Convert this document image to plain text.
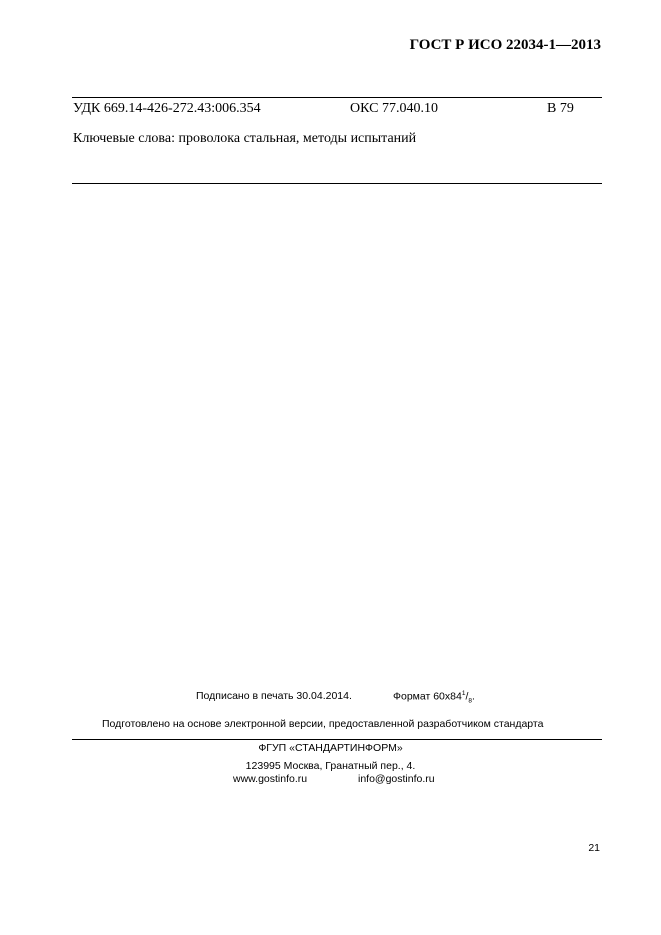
ГОСТ Р ИСО 22034-1—2013
УДК 669.14-426-272.43:006.354	ОКС 77.040.10	В 79
Ключевые слова: проволока стальная, методы испытаний
Подписано в печать 30.04.2014.	Формат $60x84^1/_8$.
Подготовлено на основе электронной версии, предоставленной разработчиком стандарта
ФГУП «СТАНДАРТИНФОРМ»
123995 Москва, Гранатный пер., 4.
www.gostinfo.ru	info@gostinfo.ru
21
